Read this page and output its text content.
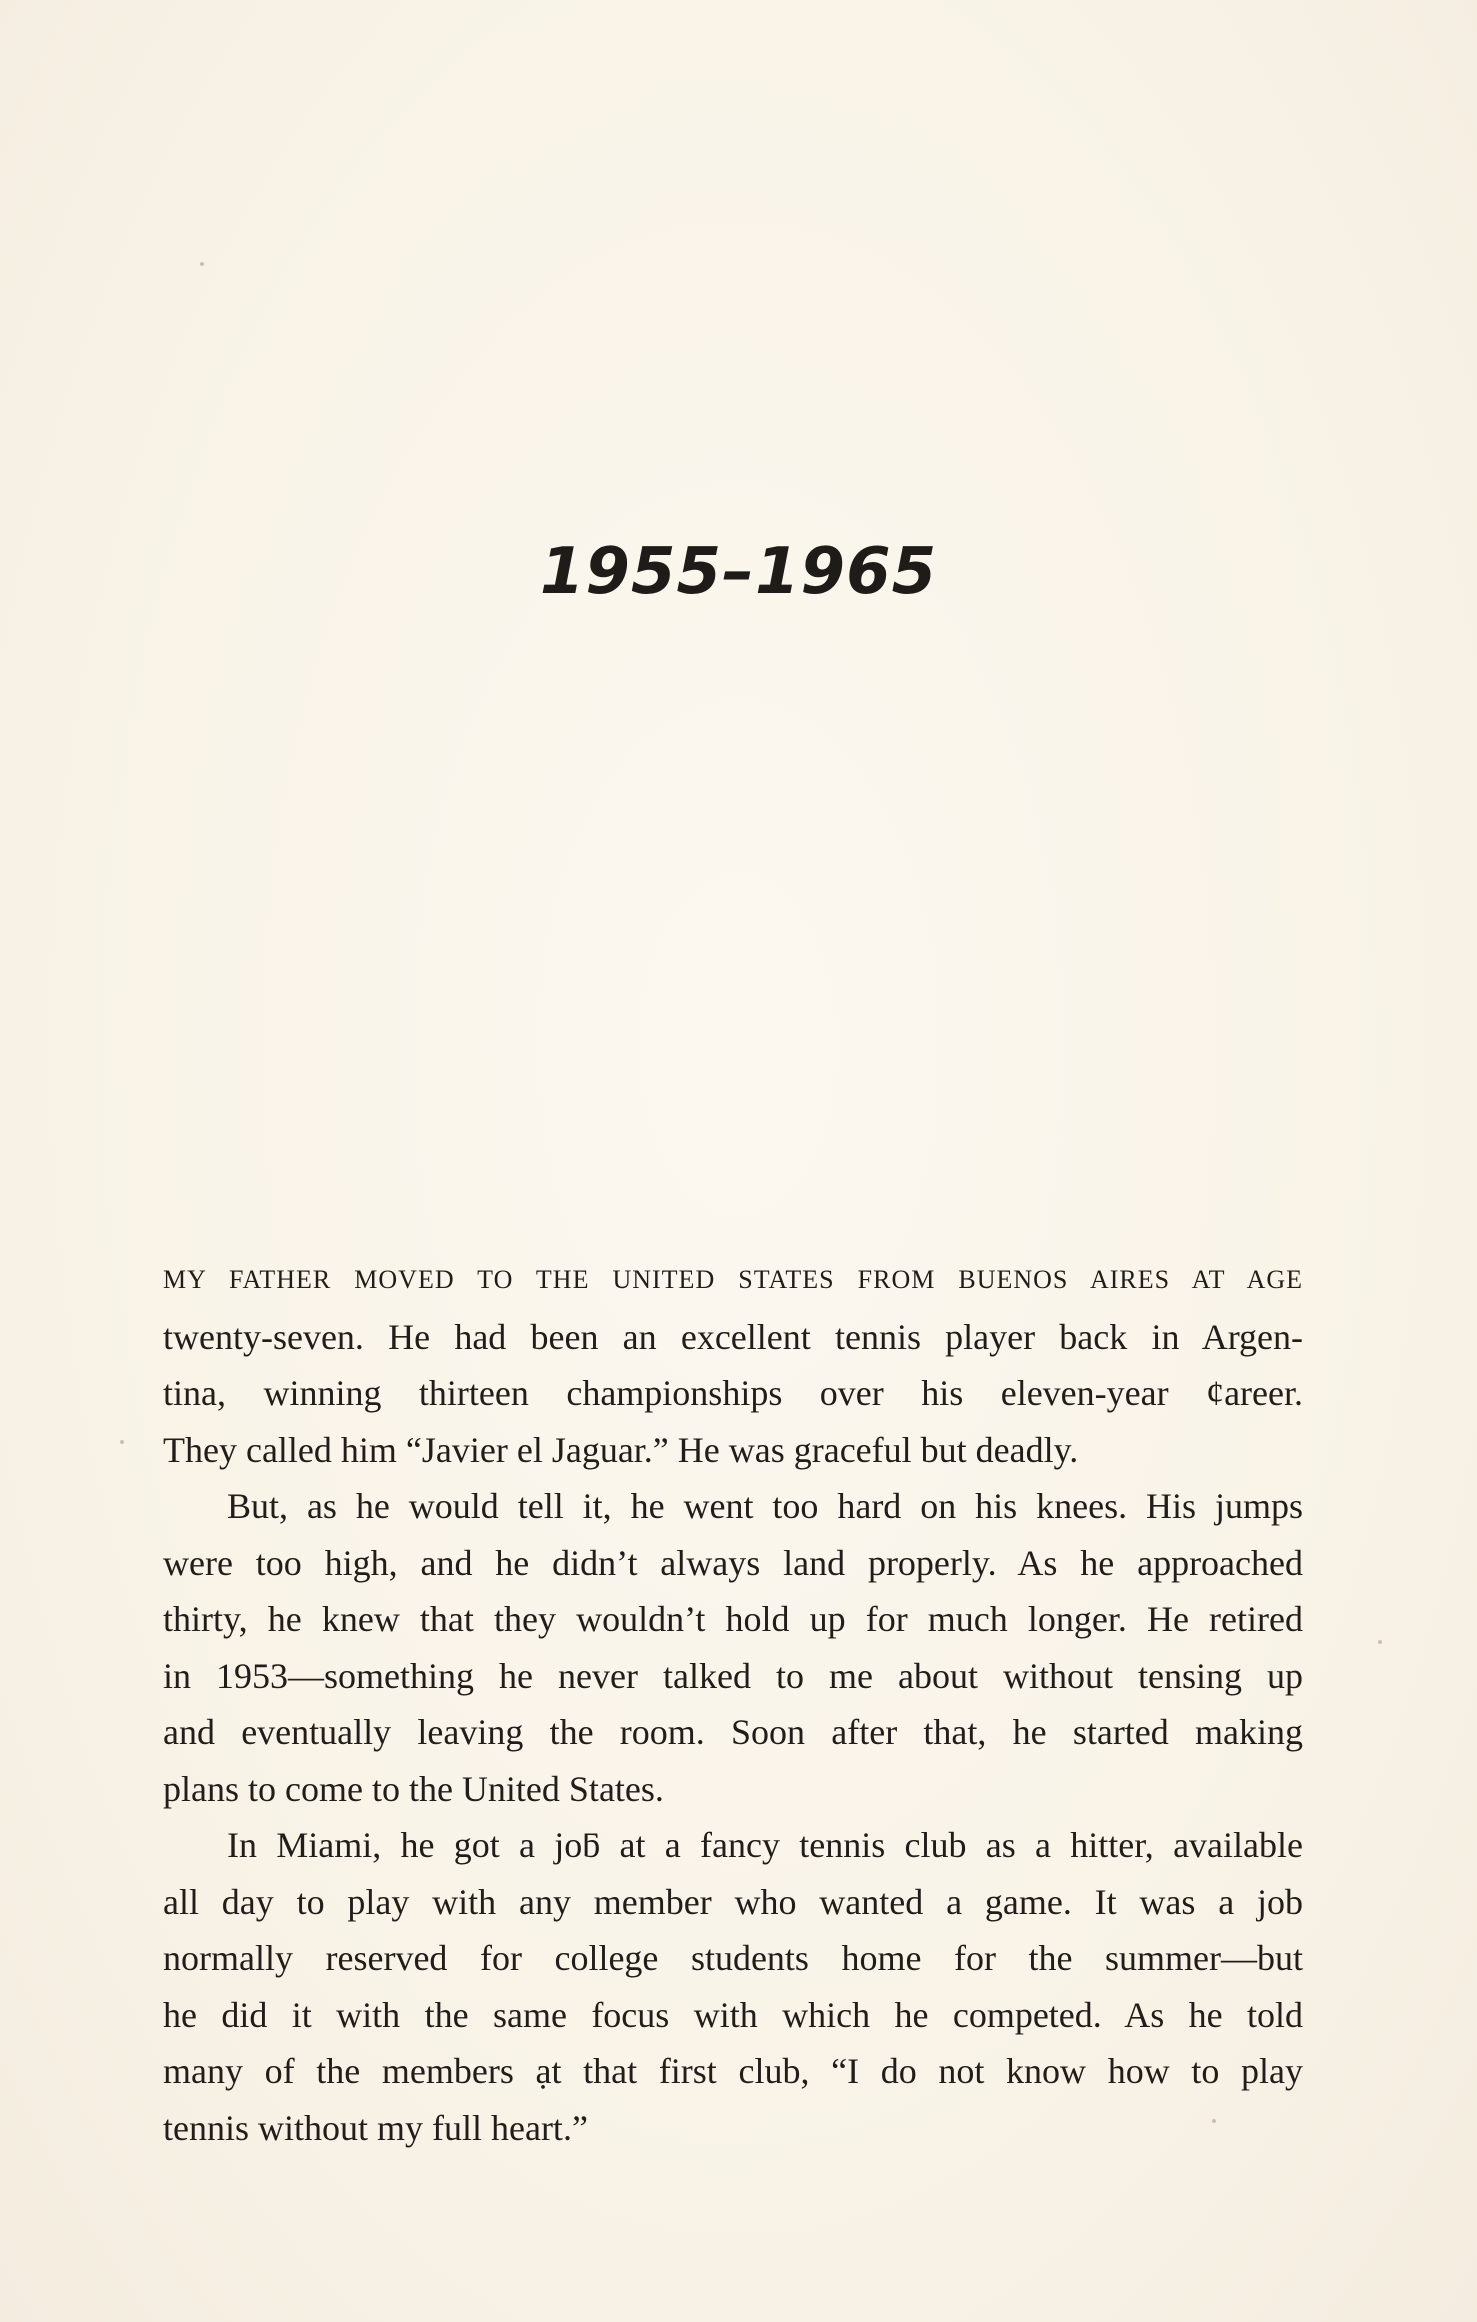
1955–1965

MY FATHER MOVED TO THE UNITED STATES FROM BUENOS AIRES AT AGE
twenty-seven. He had been an excellent tennis player back in Argen-
tina, winning thirteen championships over his eleven-year ¢areer.
They called him “Javier el Jaguar.” He was graceful but deadly.

But, as he would tell it, he went too hard on his knees. His jumps
were too high, and he didn’t always land properly. As he approached
thirty, he knew that they wouldn’t hold up for much longer. He retired
in 1953—something he never talked to me about without tensing up
and eventually leaving the room. Soon after that, he started making
plans to come to the United States.

In Miami, he got a joƃ at a fancy tennis club as a hitter, available
all day to play with any member who wanted a game. It was a job
normally reserved for college students home for the summer—but
he did it with the same focus with which he competed. As he told
many of the members ạt that first club, “I do not know how to play
tennis without my full heart.”
